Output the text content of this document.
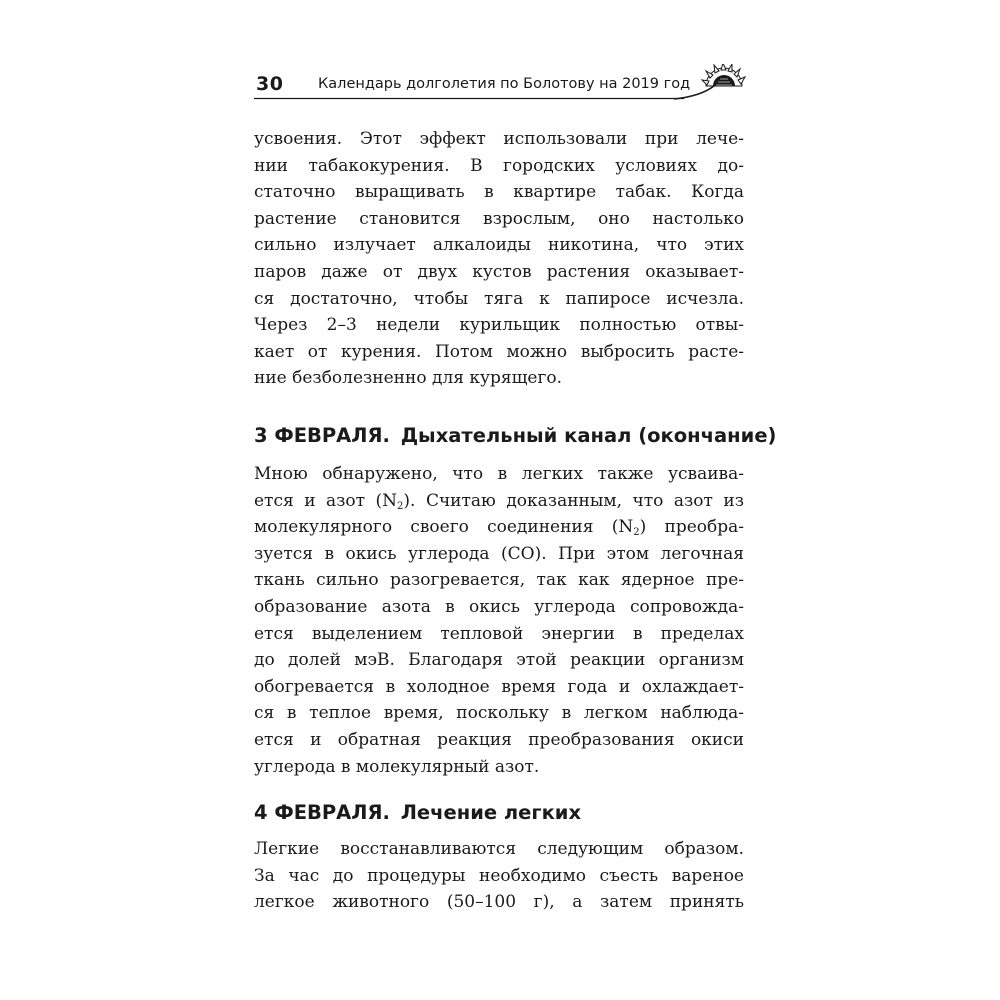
30 Календарь долголетия по Болотову на 2019 год
усвоения. Этот эффект использовали при лече-
нии табакокурения. В городских условиях до-
статочно выращивать в квартире табак. Когда
растение становится взрослым, оно настолько
сильно излучает алкалоиды никотина, что этих
паров даже от двух кустов растения оказывает-
ся достаточно, чтобы тяга к папиросе исчезла.
Через 2–3 недели курильщик полностью отвы-
кает от курения. Потом можно выбросить расте-
ние безболезненно для курящего.
3 ФЕВРАЛЯ. Дыхательный канал (окончание)
Мною обнаружено, что в легких также усваива-
ется и азот $(N_2)$. Считаю доказанным, что азот из
молекулярного своего соединения $(N_2)$ преобра-
зуется в окись углерода (CO). При этом легочная
ткань сильно разогревается, так как ядерное пре-
образование азота в окись углерода сопровожда-
ется выделением тепловой энергии в пределах
до долей мэВ. Благодаря этой реакции организм
обогревается в холодное время года и охлаждает-
ся в теплое время, поскольку в легком наблюда-
ется и обратная реакция преобразования окиси
углерода в молекулярный азот.
4 ФЕВРАЛЯ. Лечение легких
Легкие восстанавливаются следующим образом.
За час до процедуры необходимо съесть вареное
легкое животного (50–100 г), а затем принять
